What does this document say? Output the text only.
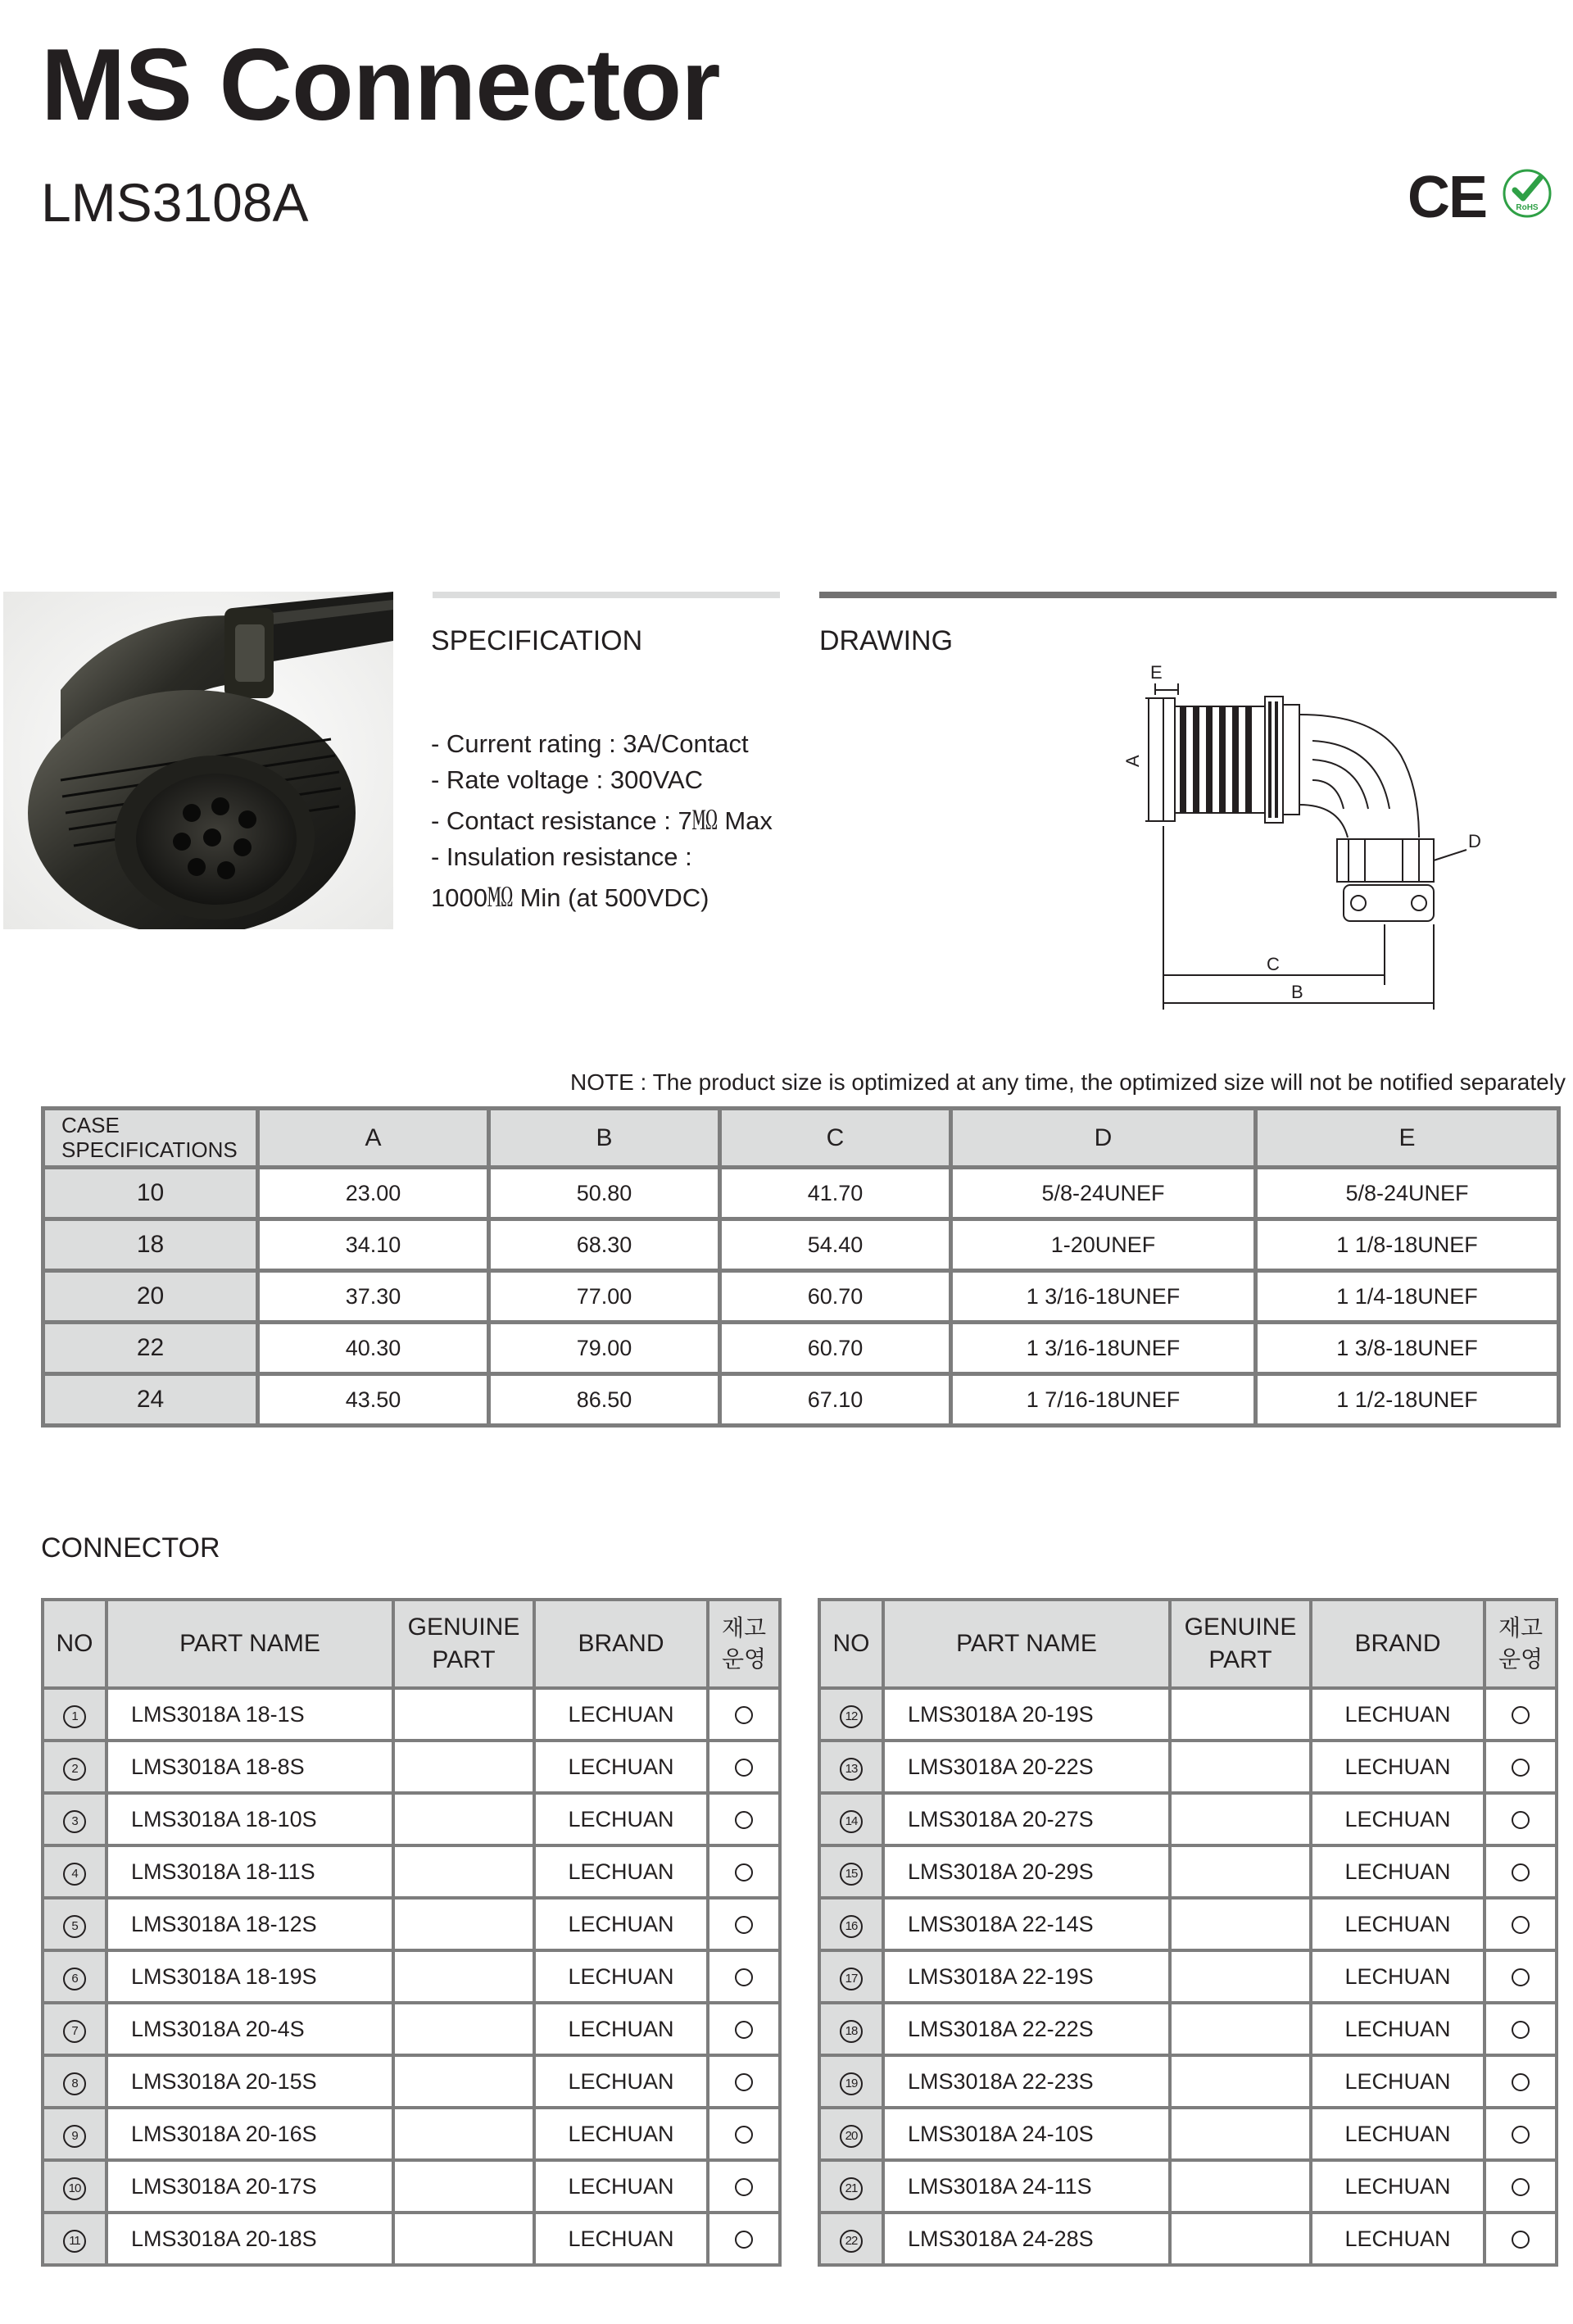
MS Connector
LMS3108A	CE	RoHS
SPECIFICATION
- Current rating : 3A/Contact
- Rate voltage : 300VAC
- Contact resistance : 7㏁ Max
- Insulation resistance :
1000㏁ Min (at 500VDC)
DRAWING
E
A
D
C
B
NOTE : The product size is optimized at any time, the optimized size will not be notified separately
CASE SPECIFICATIONS	A	B	C	D	E
10	23.00	50.80	41.70	5/8-24UNEF	5/8-24UNEF
18	34.10	68.30	54.40	1-20UNEF	1 1/8-18UNEF
20	37.30	77.00	60.70	1 3/16-18UNEF	1 1/4-18UNEF
22	40.30	79.00	60.70	1 3/16-18UNEF	1 3/8-18UNEF
24	43.50	86.50	67.10	1 7/16-18UNEF	1 1/2-18UNEF
CONNECTOR
NO	PART NAME	GENUINE PART	BRAND	재고 운영
1	LMS3018A 18-1S		LECHUAN	
2	LMS3018A 18-8S		LECHUAN	
3	LMS3018A 18-10S		LECHUAN	
4	LMS3018A 18-11S		LECHUAN	
5	LMS3018A 18-12S		LECHUAN	
6	LMS3018A 18-19S		LECHUAN	
7	LMS3018A 20-4S		LECHUAN	
8	LMS3018A 20-15S		LECHUAN	
9	LMS3018A 20-16S		LECHUAN	
10	LMS3018A 20-17S		LECHUAN	
11	LMS3018A 20-18S		LECHUAN	
NO	PART NAME	GENUINE PART	BRAND	재고 운영
12	LMS3018A 20-19S		LECHUAN	
13	LMS3018A 20-22S		LECHUAN	
14	LMS3018A 20-27S		LECHUAN	
15	LMS3018A 20-29S		LECHUAN	
16	LMS3018A 22-14S		LECHUAN	
17	LMS3018A 22-19S		LECHUAN	
18	LMS3018A 22-22S		LECHUAN	
19	LMS3018A 22-23S		LECHUAN	
20	LMS3018A 24-10S		LECHUAN	
21	LMS3018A 24-11S		LECHUAN	
22	LMS3018A 24-28S		LECHUAN	
